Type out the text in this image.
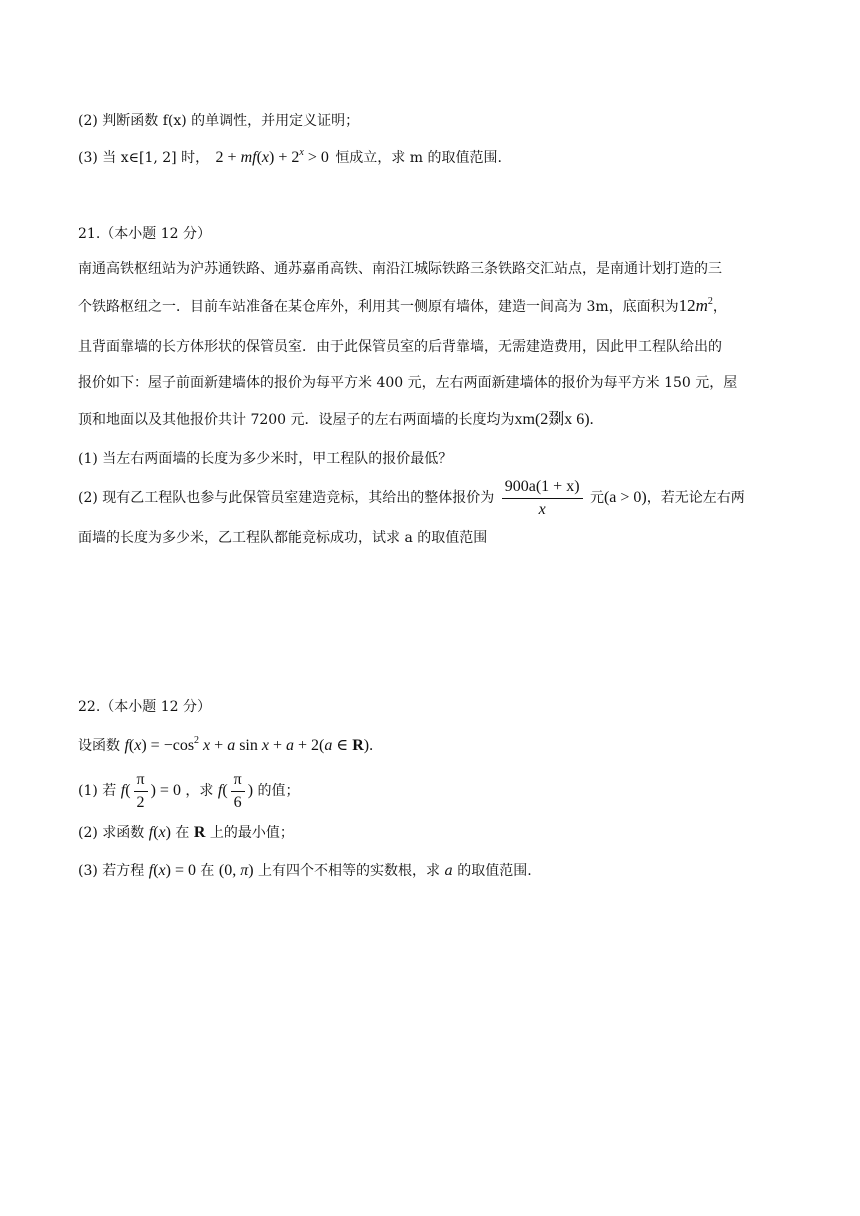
(2) 判断函数 f(x) 的单调性，并用定义证明；
(3) 当 x∈[1, 2] 时， $2 + mf(x) + 2^x > 0$ 恒成立，求 m 的取值范围.
21.（本小题 12 分）
南通高铁枢纽站为沪苏通铁路、通苏嘉甬高铁、南沿江城际铁路三条铁路交汇站点，是南通计划打造的三
个铁路枢纽之一．目前车站准备在某仓库外，利用其一侧原有墙体，建造一间高为 3m，底面积为$12m^2$，
且背面靠墙的长方体形状的保管员室．由于此保管员室的后背靠墙，无需建造费用，因此甲工程队给出的
报价如下：屋子前面新建墙体的报价为每平方米 400 元，左右两面新建墙体的报价为每平方米 150 元，屋
顶和地面以及其他报价共计 7200 元．设屋子的左右两面墙的长度均为xm(2剟x 6).
(1) 当左右两面墙的长度为多少米时，甲工程队的报价最低？
(2) 现有乙工程队也参与此保管员室建造竞标，其给出的整体报价为 $\frac{900a(1 + x)}{x}$ 元(a > 0)，若无论左右两
面墙的长度为多少米，乙工程队都能竞标成功，试求 a 的取值范围
22.（本小题 12 分）
设函数 $f(x) = -\cos^2$ x + a sin x + a + 2(a ∈ R).
(1) 若 $f( \frac{\pi}{2}$ ) = 0 ，求 $f( \frac{\pi}{6}$ ) 的值；
(2) 求函数 f(x) 在 R 上的最小值；
(3) 若方程 f(x) = 0 在 (0, π) 上有四个不相等的实数根，求 a 的取值范围.
